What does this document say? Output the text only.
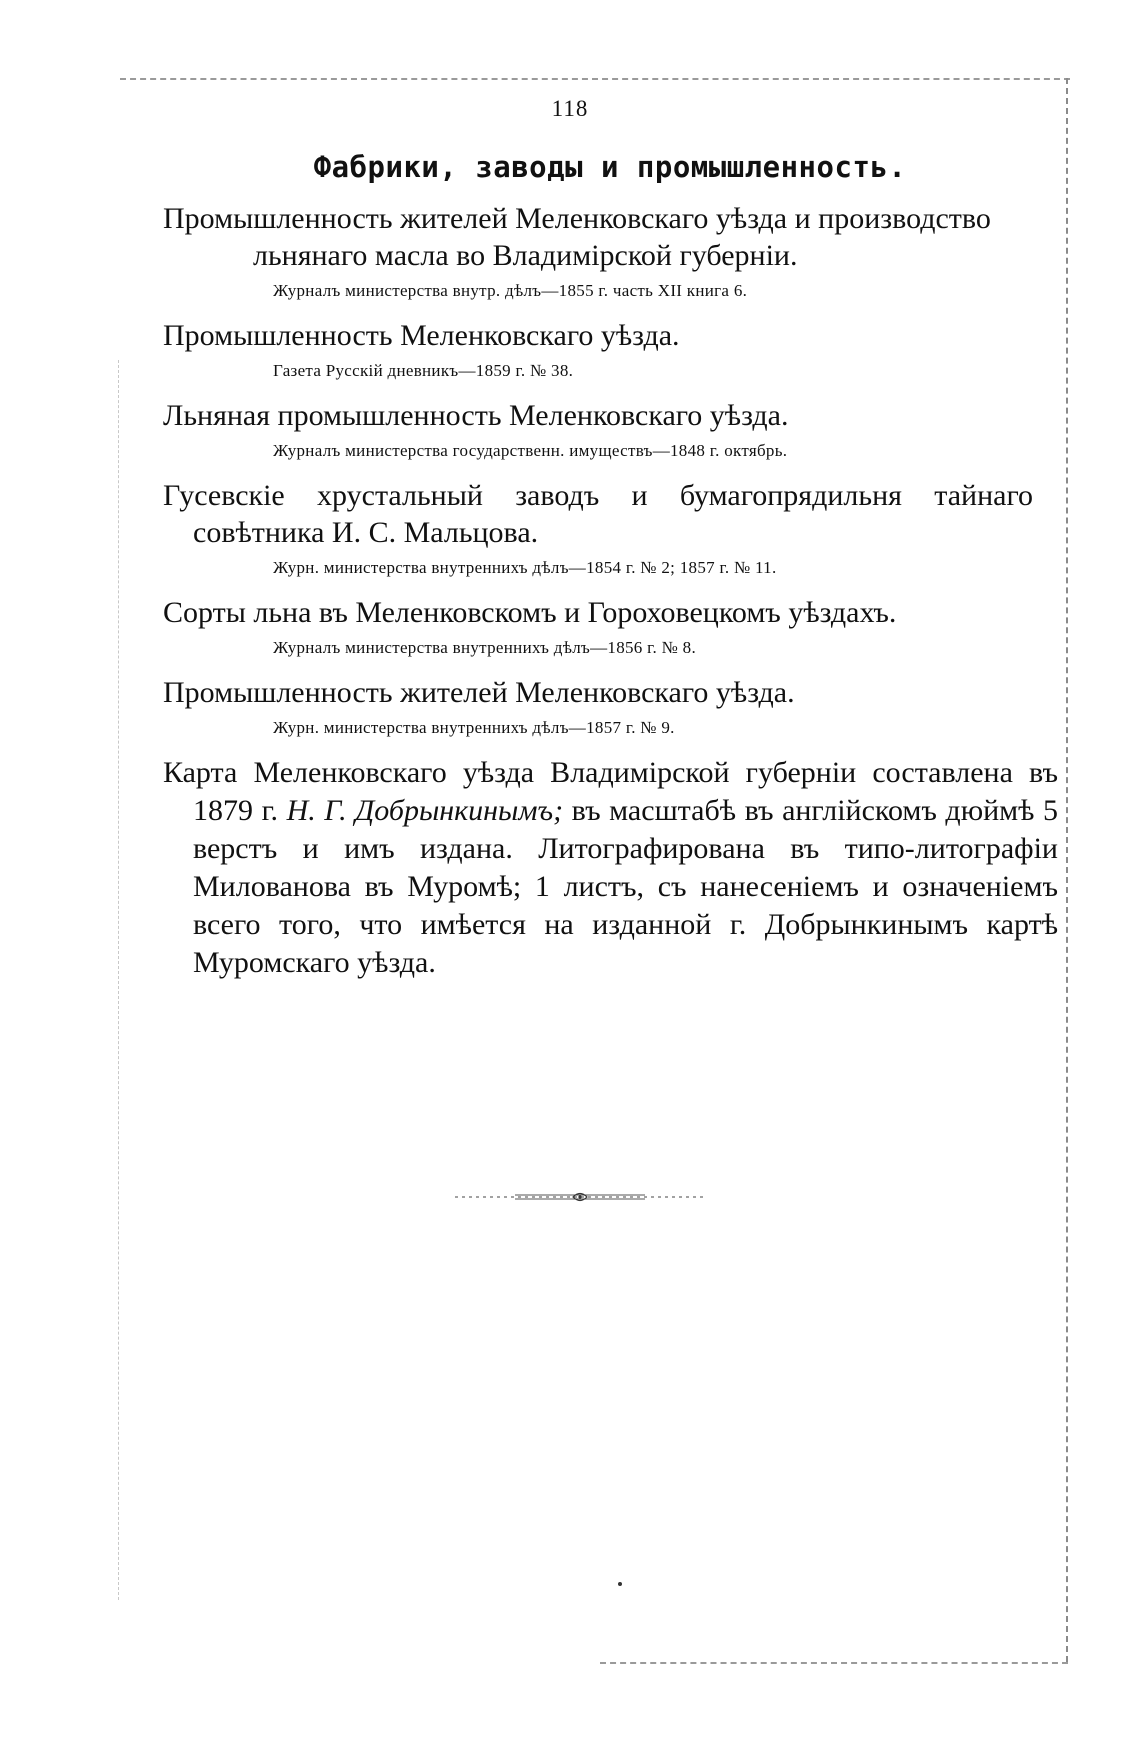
118
Фабрики, заводы и промышленность.

Промышленность жителей Меленковскаго уѣзда и производство льнянаго масла во Владимірской губерніи.

Журналъ министерства внутр. дѣлъ—1855 г. часть XII книга 6.

Промышленность Меленковскаго уѣзда.

Газета Русскій дневникъ—1859 г. № 38.

Льняная промышленность Меленковскаго уѣзда.

Журналъ министерства государственн. имуществъ—1848 г. октябрь.

Гусевскіе хрустальный заводъ и бумагопрядильня тайнаго совѣтника И. С. Мальцова.

Журн. министерства внутреннихъ дѣлъ—1854 г. № 2; 1857 г. № 11.

Сорты льна въ Меленковскомъ и Гороховецкомъ уѣздахъ.

Журналъ министерства внутреннихъ дѣлъ—1856 г. № 8.

Промышленность жителей Меленковскаго уѣзда.

Журн. министерства внутреннихъ дѣлъ—1857 г. № 9.

Карта Меленковскаго уѣзда Владимірской губерніи составлена въ 1879 г. Н. Г. Добрынкинымъ; въ масштабѣ въ англійскомъ дюймѣ 5 верстъ и имъ издана. Литографирована въ типо-литографіи Милованова въ Муромѣ; 1 листъ, съ нанесеніемъ и означеніемъ всего того, что имѣется на изданной г. Добрынкинымъ картѣ Муромскаго уѣзда.
